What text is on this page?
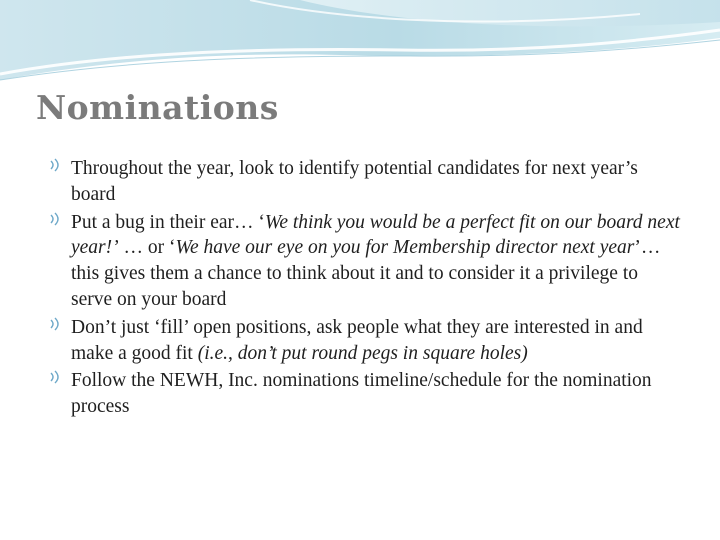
Nominations
Throughout the year, look to identify potential candidates for next year’s board
Put a bug in their ear… ‘We think you would be a perfect fit on our board next year!’ … or ‘We have our eye on you for Membership director next year’… this gives them a chance to think about it and to consider it a privilege to serve on your board
Don’t just ‘fill’ open positions, ask people what they are interested in and make a good fit (i.e., don’t put round pegs in square holes)
Follow the NEWH, Inc. nominations timeline/schedule for the nomination process
